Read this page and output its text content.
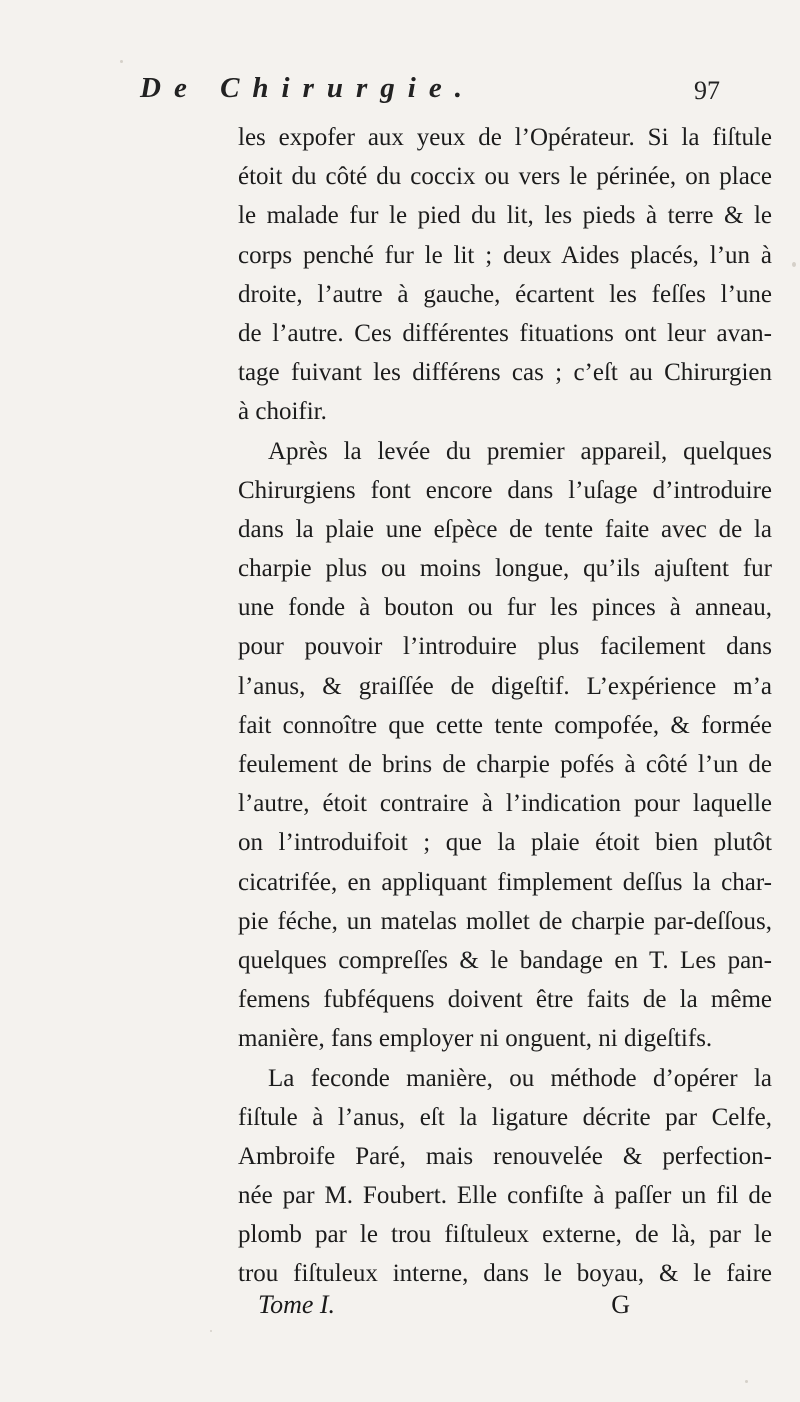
De Chirurgie.	97
les expofer aux yeux de l’Opérateur. Si la fiſtule
étoit du côté du coccix ou vers le périnée, on place
le malade fur le pied du lit, les pieds à terre & le
corps penché fur le lit ; deux Aides placés, l’un à
droite, l’autre à gauche, écartent les feſſes l’une
de l’autre. Ces différentes fituations ont leur avan-
tage fuivant les différens cas ; c’eſt au Chirurgien
à choifir.
Après la levée du premier appareil, quelques
Chirurgiens font encore dans l’uſage d’introduire
dans la plaie une eſpèce de tente faite avec de la
charpie plus ou moins longue, qu’ils ajuſtent fur
une fonde à bouton ou fur les pinces à anneau,
pour pouvoir l’introduire plus facilement dans
l’anus, & graiſſée de digeſtif. L’expérience m’a
fait connoître que cette tente compofée, & formée
feulement de brins de charpie pofés à côté l’un de
l’autre, étoit contraire à l’indication pour laquelle
on l’introduifoit ; que la plaie étoit bien plutôt
cicatrifée, en appliquant fimplement deſſus la char-
pie féche, un matelas mollet de charpie par-deſſous,
quelques compreſſes & le bandage en T. Les pan-
femens fubféquens doivent être faits de la même
manière, fans employer ni onguent, ni digeſtifs.
La feconde manière, ou méthode d’opérer la
fiſtule à l’anus, eſt la ligature décrite par Celfe,
Ambroife Paré, mais renouvelée & perfection-
née par M. Foubert. Elle confiſte à paſſer un fil de
plomb par le trou fiſtuleux externe, de là, par le
trou fiſtuleux interne, dans le boyau, & le faire
Tome I.	G
